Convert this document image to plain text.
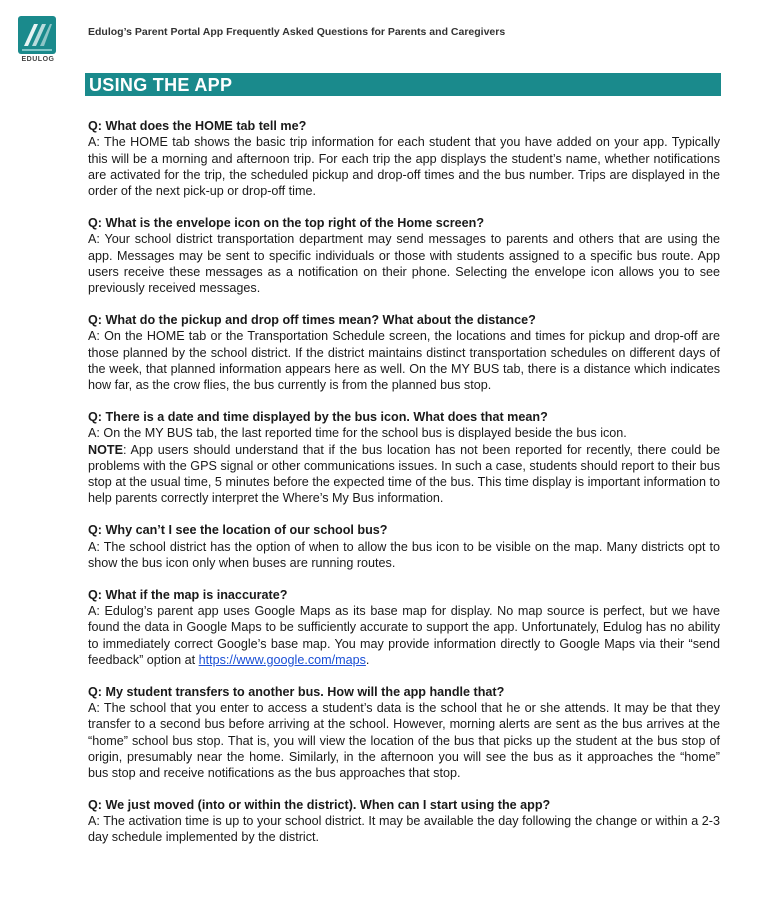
EDULOG
Edulog’s Parent Portal App Frequently Asked Questions for Parents and Caregivers
USING THE APP
Q: What does the HOME tab tell me?
A: The HOME tab shows the basic trip information for each student that you have added on your app. Typically this will be a morning and afternoon trip. For each trip the app displays the student’s name, whether notifications are activated for the trip, the scheduled pickup and drop-off times and the bus number. Trips are displayed in the order of the next pick-up or drop-off time.
Q: What is the envelope icon on the top right of the Home screen?
A: Your school district transportation department may send messages to parents and others that are using the app. Messages may be sent to specific individuals or those with students assigned to a specific bus route. App users receive these messages as a notification on their phone. Selecting the envelope icon allows you to see previously received messages.
Q: What do the pickup and drop off times mean? What about the distance?
A: On the HOME tab or the Transportation Schedule screen, the locations and times for pickup and drop-off are those planned by the school district. If the district maintains distinct transportation schedules on different days of the week, that planned information appears here as well. On the MY BUS tab, there is a distance which indicates how far, as the crow flies, the bus currently is from the planned bus stop.
Q: There is a date and time displayed by the bus icon. What does that mean?
A: On the MY BUS tab, the last reported time for the school bus is displayed beside the bus icon.
NOTE: App users should understand that if the bus location has not been reported for recently, there could be problems with the GPS signal or other communications issues. In such a case, students should report to their bus stop at the usual time, 5 minutes before the expected time of the bus. This time display is important information to help parents correctly interpret the Where’s My Bus information.
Q: Why can’t I see the location of our school bus?
A: The school district has the option of when to allow the bus icon to be visible on the map. Many districts opt to show the bus icon only when buses are running routes.
Q: What if the map is inaccurate?
A: Edulog’s parent app uses Google Maps as its base map for display. No map source is perfect, but we have found the data in Google Maps to be sufficiently accurate to support the app. Unfortunately, Edulog has no ability to immediately correct Google’s base map. You may provide information directly to Google Maps via their “send feedback” option at https://www.google.com/maps.
Q: My student transfers to another bus. How will the app handle that?
A: The school that you enter to access a student’s data is the school that he or she attends. It may be that they transfer to a second bus before arriving at the school. However, morning alerts are sent as the bus arrives at the “home” school bus stop. That is, you will view the location of the bus that picks up the student at the bus stop of origin, presumably near the home. Similarly, in the afternoon you will see the bus as it approaches the “home” bus stop and receive notifications as the bus approaches that stop.
Q: We just moved (into or within the district). When can I start using the app?
A: The activation time is up to your school district. It may be available the day following the change or within a 2-3 day schedule implemented by the district.
